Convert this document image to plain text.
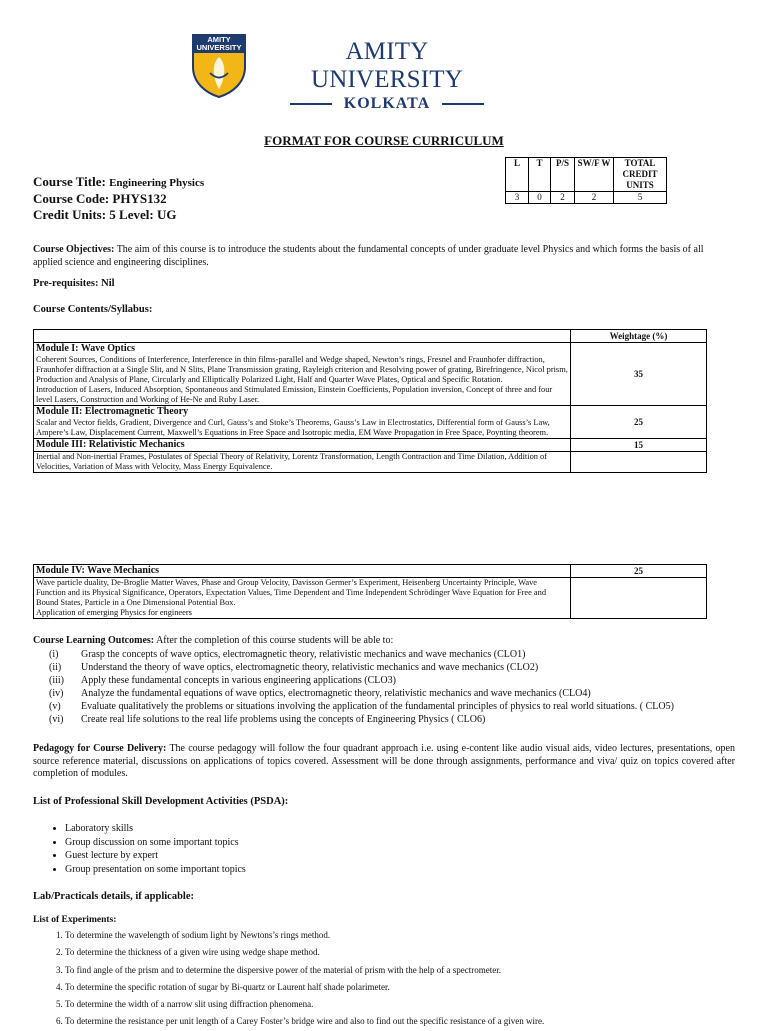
AMITY UNIVERSITY	AMITY UNIVERSITY
KOLKATA
FORMAT FOR COURSE CURRICULUM
L	T	P/S	SW/F W	TOTAL CREDIT UNITS
3	0	2	2	5
Course Title: Engineering Physics
Course Code: PHYS132
Credit Units: 5 Level: UG
Course Objectives: The aim of this course is to introduce the students about the fundamental concepts of under graduate level Physics and which forms the basis of all applied science and engineering disciplines.
Pre-requisites: Nil
Course Contents/Syllabus:
	Weightage (%)

Module I: Wave Optics
Coherent Sources, Conditions of Interference, Interference in thin films-parallel and Wedge shaped, Newton’s rings, Fresnel and Fraunhofer diffraction, Fraunhofer diffraction at a Single Slit, and N Slits, Plane Transmission grating, Rayleigh criterion and Resolving power of grating, Birefringence, Nicol prism, Production and Analysis of Plane, Circularly and Elliptically Polarized Light, Half and Quarter Wave Plates, Optical and Specific Rotation.
Introduction of Lasers, Induced Absorption, Spontaneous and Stimulated Emission, Einstein Coefficients, Population inversion, Concept of three and four level Lasers, Construction and Working of He-Ne and Ruby Laser.	35

Module II: Electromagnetic Theory
Scalar and Vector fields, Gradient, Divergence and Curl, Gauss’s and Stoke’s Theorems, Gauss’s Law in Electrostatics, Differential form of Gauss’s Law, Ampere’s Law, Displacement Current, Maxwell’s Equations in Free Space and Isotropic media, EM Wave Propagation in Free Space, Poynting theorem.	25

Module III: Relativistic Mechanics	15

Inertial and Non-inertial Frames, Postulates of Special Theory of Relativity, Lorentz Transformation, Length Contraction and Time Dilation, Addition of Velocities, Variation of Mass with Velocity, Mass Energy Equivalence.	

Module IV: Wave Mechanics	25

Wave particle duality, De-Broglie Matter Waves, Phase and Group Velocity, Davisson Germer’s Experiment, Heisenberg Uncertainty Principle, Wave Function and its Physical Significance, Operators, Expectation Values, Time Dependent and Time Independent Schrödinger Wave Equation for Free and Bound States, Particle in a One Dimensional Potential Box.
Application of emerging Physics for engineers	

Course Learning Outcomes: After the completion of this course students will be able to:
(i)	Grasp the concepts of wave optics, electromagnetic theory, relativistic mechanics and wave mechanics (CLO1)
(ii)	Understand the theory of wave optics, electromagnetic theory, relativistic mechanics and wave mechanics (CLO2)
(iii)	Apply these fundamental concepts in various engineering applications (CLO3)
(iv)	Analyze the fundamental equations of wave optics, electromagnetic theory, relativistic mechanics and wave mechanics (CLO4)
(v)	Evaluate qualitatively the problems or situations involving the application of the fundamental principles of physics to real world situations. ( CLO5)
(vi)	Create real life solutions to the real life problems using the concepts of Engineering Physics ( CLO6)
Pedagogy for Course Delivery: The course pedagogy will follow the four quadrant approach i.e. using e-content like audio visual aids, video lectures, presentations, open source reference material, discussions on applications of topics covered. Assessment will be done through assignments, performance and viva/ quiz on topics covered after completion of modules.
List of Professional Skill Development Activities (PSDA):
• Laboratory skills
• Group discussion on some important topics
• Guest lecture by expert
• Group presentation on some important topics
Lab/Practicals details, if applicable:
List of Experiments:
1. To determine the wavelength of sodium light by Newtons’s rings method.
2. To determine the thickness of a given wire using wedge shape method.
3. To find angle of the prism and to determine the dispersive power of the material of prism with the help of a spectrometer.
4. To determine the specific rotation of sugar by Bi-quartz or Laurent half shade polarimeter.
5. To determine the width of a narrow slit using diffraction phenomena.
6. To determine the resistance per unit length of a Carey Foster’s bridge wire and also to find out the specific resistance of a given wire.
